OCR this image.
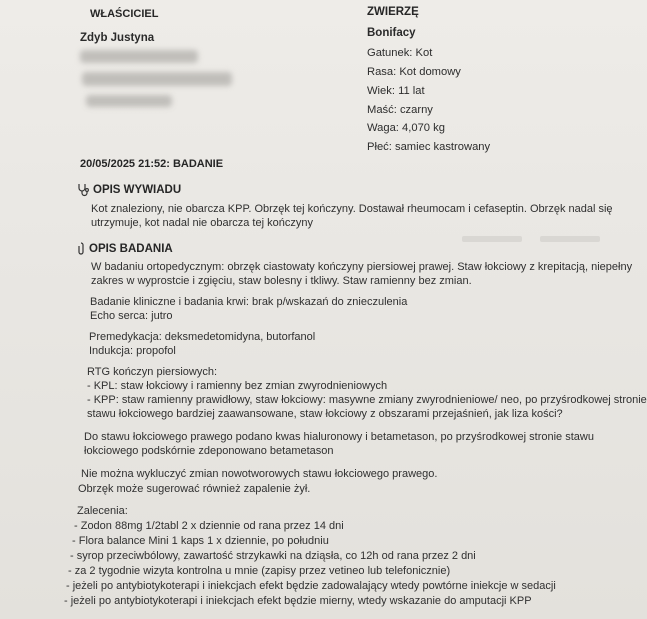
WŁAŚCICIEL
Zdyb Justyna
ZWIERZĘ
Bonifacy
Gatunek: Kot
Rasa: Kot domowy
Wiek: 11 lat
Maść: czarny
Waga: 4,070 kg
Płeć: samiec kastrowany
20/05/2025 21:52: BADANIE
OPIS WYWIADU
Kot znaleziony, nie obarcza KPP. Obrzęk tej kończyny. Dostawał rheumocam i cefaseptin. Obrzęk nadal się
utrzymuje, kot nadal nie obarcza tej kończyny
OPIS BADANIA
W badaniu ortopedycznym: obrzęk ciastowaty kończyny piersiowej prawej. Staw łokciowy z krepitacją, niepełny
zakres w wyprostcie i zgięciu, staw bolesny i tkliwy. Staw ramienny bez zmian.
Badanie kliniczne i badania krwi: brak p/wskazań do znieczulenia
Echo serca: jutro
Premedykacja: deksmedetomidyna, butorfanol
Indukcja: propofol
RTG kończyn piersiowych:
- KPL: staw łokciowy i ramienny bez zmian zwyrodnieniowych
- KPP: staw ramienny prawidłowy, staw łokciowy: masywne zmiany zwyrodnieniowe/ neo, po przyśrodkowej stronie
stawu łokciowego bardziej zaawansowane, staw łokciowy z obszarami przejaśnień, jak liza kości?
Do stawu łokciowego prawego podano kwas hialuronowy i betametason, po przyśrodkowej stronie stawu
łokciowego podskórnie zdeponowano betametason
Nie można wykluczyć zmian nowotworowych stawu łokciowego prawego.
Obrzęk może sugerować również zapalenie żył.
Zalecenia:
- Zodon 88mg 1/2tabl 2 x dziennie od rana przez 14 dni
- Flora balance Mini 1 kaps 1 x dziennie, po południu
- syrop przeciwbólowy, zawartość strzykawki na dziąsła, co 12h od rana przez 2 dni
- za 2 tygodnie wizyta kontrolna u mnie (zapisy przez vetineo lub telefonicznie)
- jeżeli po antybiotykoterapi i iniekcjach efekt będzie zadowalający wtedy powtórne iniekcje w sedacji
- jeżeli po antybiotykoterapi i iniekcjach efekt będzie mierny, wtedy wskazanie do amputacji KPP
